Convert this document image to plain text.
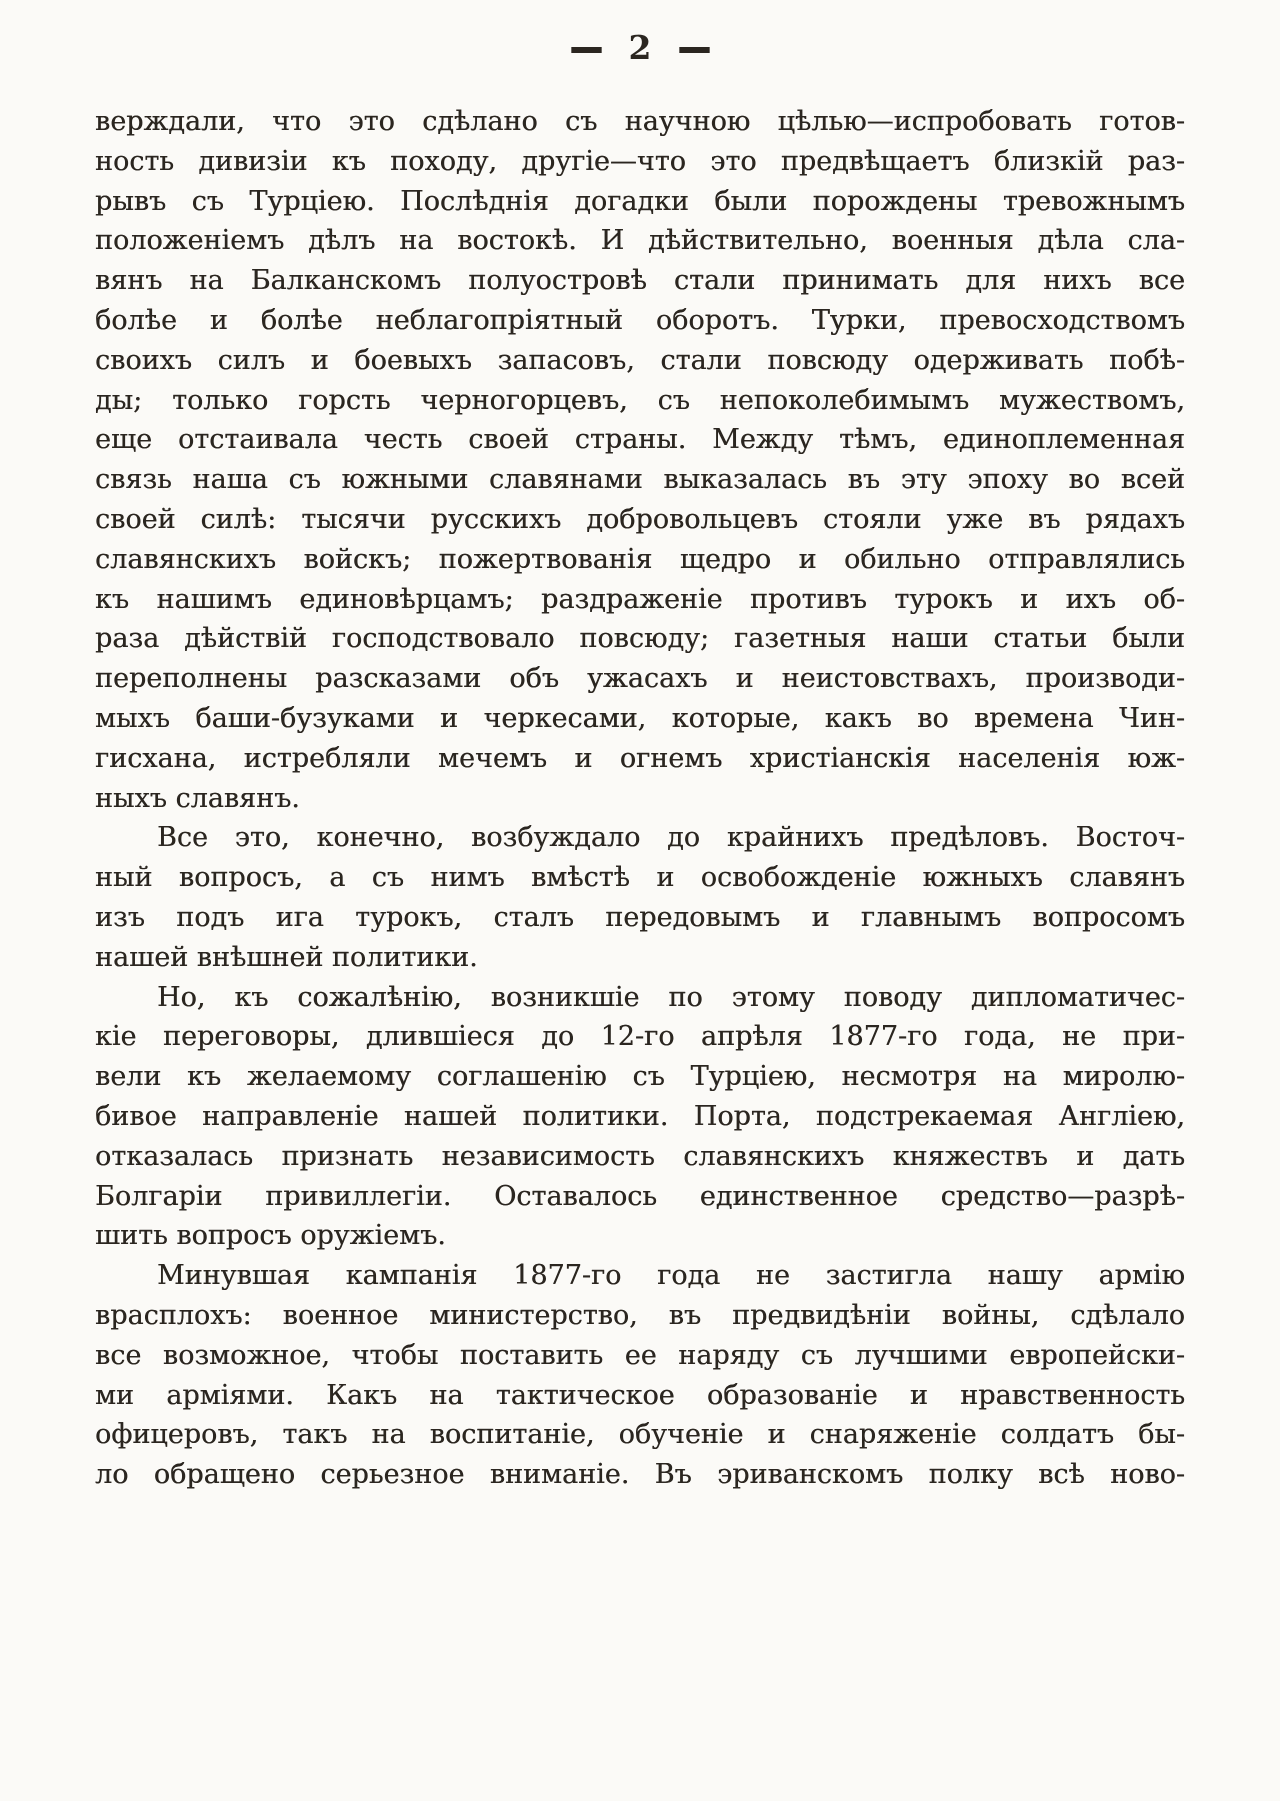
— 2 —
верждали, что это сдѣлано съ научною цѣлью—испробовать готов-
ность дивизіи къ походу, другіе—что это предвѣщаетъ близкій раз-
рывъ съ Турціею. Послѣднія догадки были порождены тревожнымъ
положеніемъ дѣлъ на востокѣ. И дѣйствительно, военныя дѣла сла-
вянъ на Балканскомъ полуостровѣ стали принимать для нихъ все
болѣе и болѣе неблагопріятный оборотъ. Турки, превосходствомъ
своихъ силъ и боевыхъ запасовъ, стали повсюду одерживать побѣ-
ды; только горсть черногорцевъ, съ непоколебимымъ мужествомъ,
еще отстаивала честь своей страны. Между тѣмъ, единоплеменная
связь наша съ южными славянами выказалась въ эту эпоху во всей
своей силѣ: тысячи русскихъ добровольцевъ стояли уже въ рядахъ
славянскихъ войскъ; пожертвованія щедро и обильно отправлялись
къ нашимъ единовѣрцамъ; раздраженіе противъ турокъ и ихъ об-
раза дѣйствій господствовало повсюду; газетныя наши статьи были
переполнены разсказами объ ужасахъ и неистовствахъ, производи-
мыхъ баши-бузуками и черкесами, которые, какъ во времена Чин-
гисхана, истребляли мечемъ и огнемъ христіанскія населенія юж-
ныхъ славянъ.
Все это, конечно, возбуждало до крайнихъ предѣловъ. Восточ-
ный вопросъ, а съ нимъ вмѣстѣ и освобожденіе южныхъ славянъ
изъ подъ ига турокъ, сталъ передовымъ и главнымъ вопросомъ
нашей внѣшней политики.
Но, къ сожалѣнію, возникшіе по этому поводу дипломатичес-
кіе переговоры, длившіеся до 12-го апрѣля 1877-го года, не при-
вели къ желаемому соглашенію съ Турціею, несмотря на миролю-
бивое направленіе нашей политики. Порта, подстрекаемая Англіею,
отказалась признать независимость славянскихъ княжествъ и дать
Болгаріи привиллегіи. Оставалось единственное средство—разрѣ-
шить вопросъ оружіемъ.
Минувшая кампанія 1877-го года не застигла нашу армію
врасплохъ: военное министерство, въ предвидѣніи войны, сдѣлало
все возможное, чтобы поставить ее наряду съ лучшими европейски-
ми арміями. Какъ на тактическое образованіе и нравственность
офицеровъ, такъ на воспитаніе, обученіе и снаряженіе солдатъ бы-
ло обращено серьезное вниманіе. Въ эриванскомъ полку всѣ ново-
